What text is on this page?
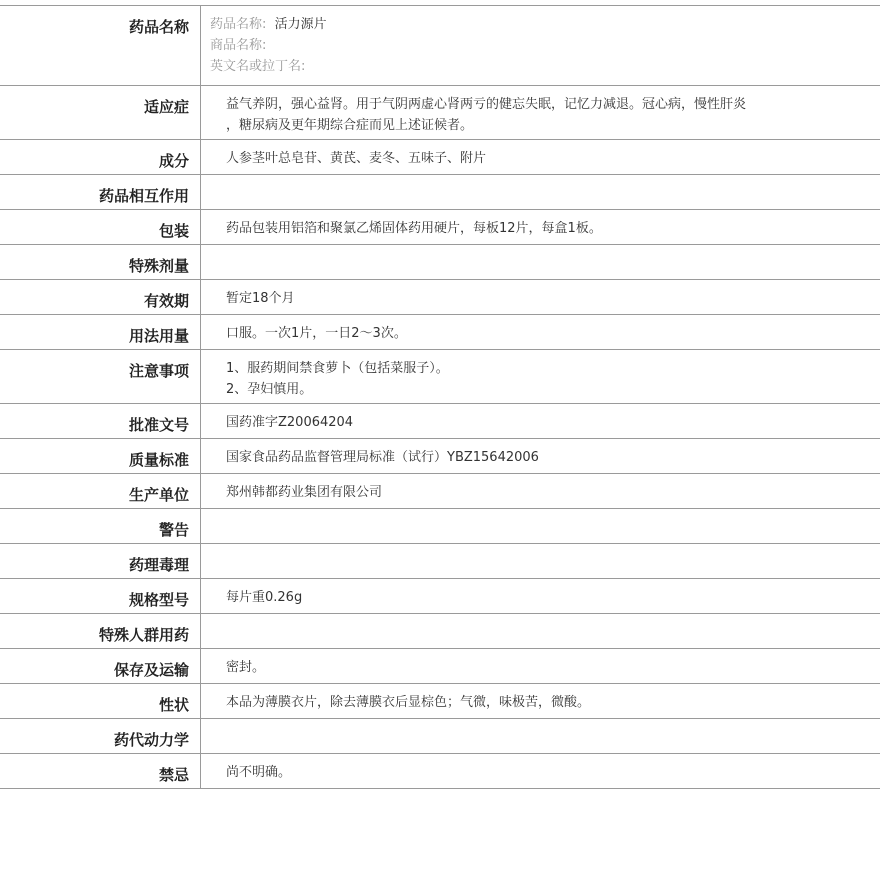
药品名称	药品名称: 活力源片
商品名称:
英文名或拉丁名:

适应症	益气养阴，强心益肾。用于气阴两虚心肾两亏的健忘失眠，记忆力减退。冠心病，慢性肝炎
，糖尿病及更年期综合症而见上述证候者。

成分	人参茎叶总皂苷、黄芪、麦冬、五味子、附片

药品相互作用	

包装	药品包装用铝箔和聚氯乙烯固体药用硬片，每板12片，每盒1板。

特殊剂量	

有效期	暂定18个月

用法用量	口服。一次1片，一日2～3次。

注意事项	1、服药期间禁食萝卜（包括菜服子）。
2、孕妇慎用。

批准文号	国药准字Z20064204

质量标准	国家食品药品监督管理局标准（试行）YBZ15642006

生产单位	郑州韩都药业集团有限公司

警告	

药理毒理	

规格型号	每片重0.26g

特殊人群用药	

保存及运输	密封。

性状	本品为薄膜衣片，除去薄膜衣后显棕色；气微，味极苦，微酸。

药代动力学	

禁忌	尚不明确。
